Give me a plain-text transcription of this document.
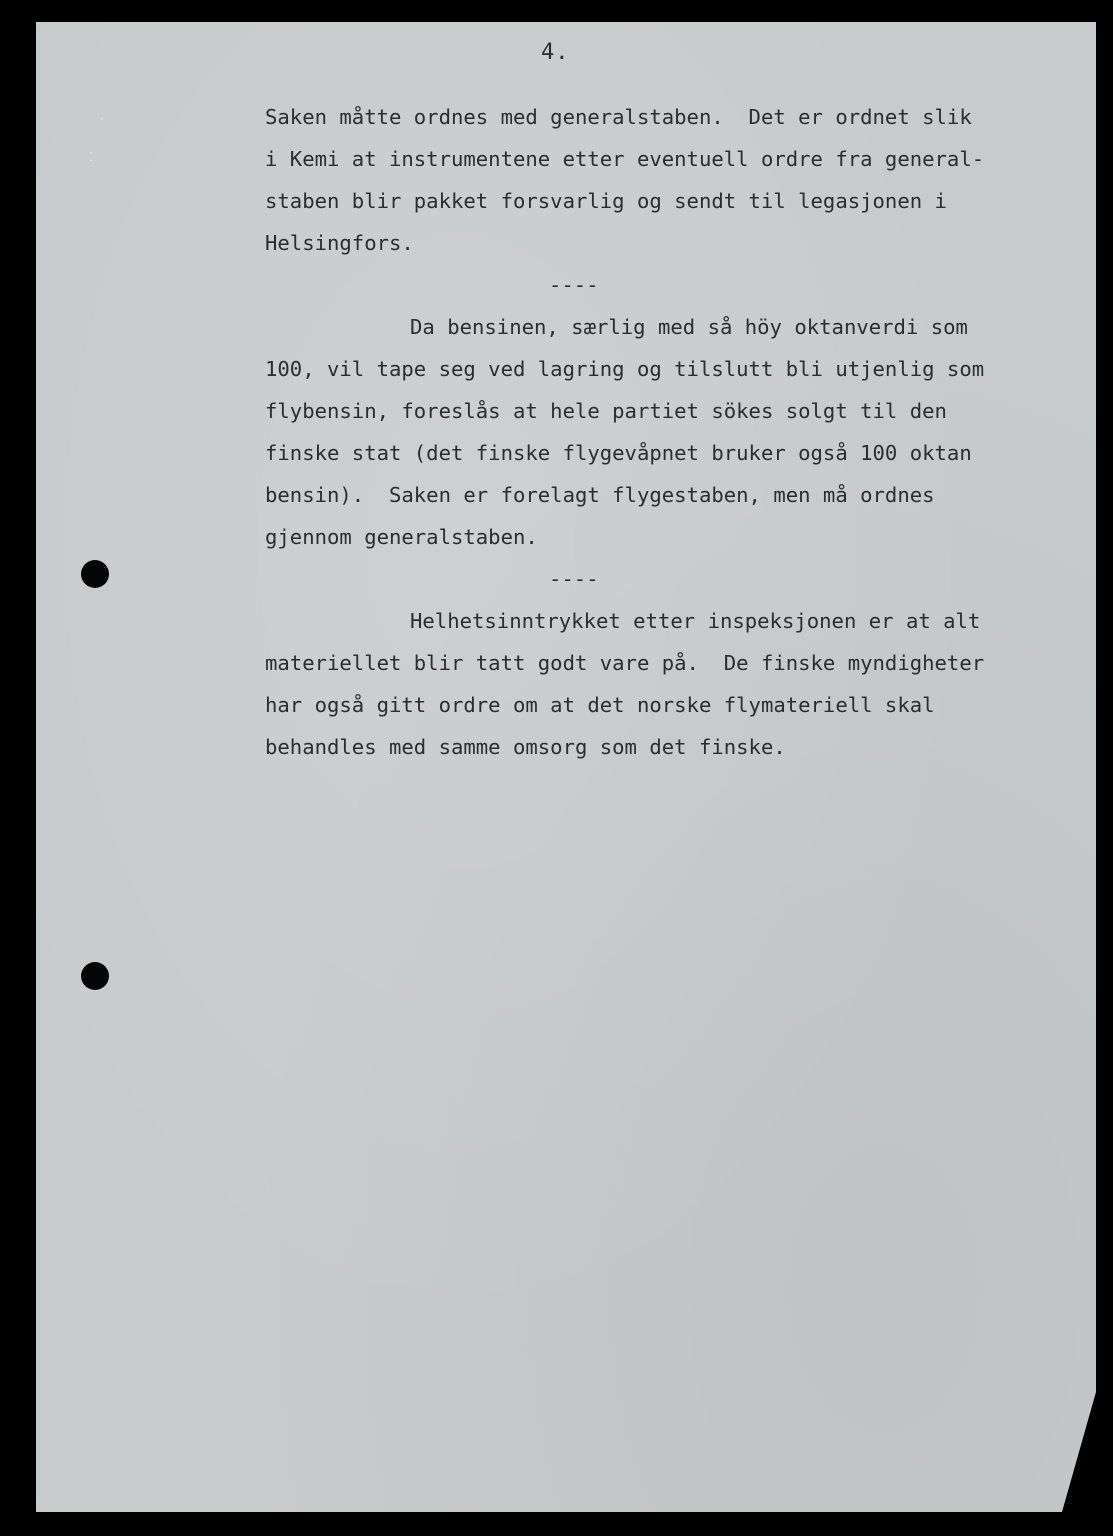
·
⁚
4.
Saken måtte ordnes med generalstaben.  Det er ordnet slik
i Kemi at instrumentene etter eventuell ordre fra general-
staben blir pakket forsvarlig og sendt til legasjonen i
Helsingfors.
----
Da bensinen, særlig med så höy oktanverdi som
100, vil tape seg ved lagring og tilslutt bli utjenlig som
flybensin, foreslås at hele partiet sökes solgt til den
finske stat (det finske flygevåpnet bruker også 100 oktan
bensin).  Saken er forelagt flygestaben, men må ordnes
gjennom generalstaben.
----
Helhetsinntrykket etter inspeksjonen er at alt
materiellet blir tatt godt vare på.  De finske myndigheter
har også gitt ordre om at det norske flymateriell skal
behandles med samme omsorg som det finske.
